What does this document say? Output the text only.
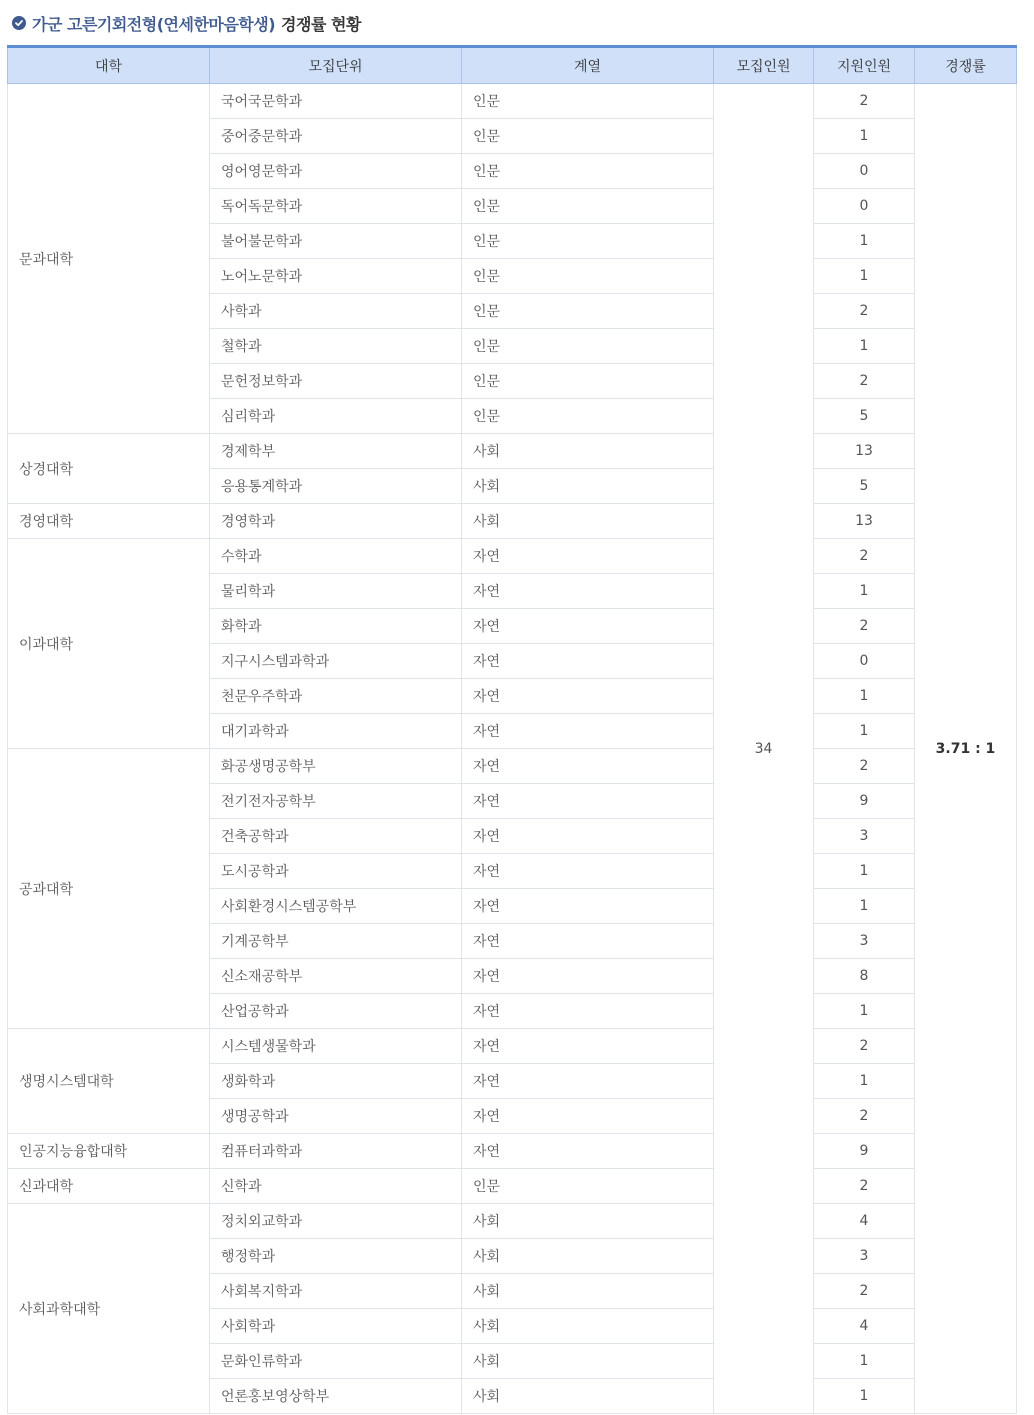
가군 고른기회전형(연세한마음학생) 경쟁률 현황
대학	모집단위	계열	모집인원	지원인원	경쟁률
문과대학	국어국문학과	인문	34	2	3.71 : 1
	중어중문학과	인문		1	
	영어영문학과	인문		0	
	독어독문학과	인문		0	
	불어불문학과	인문		1	
	노어노문학과	인문		1	
	사학과	인문		2	
	철학과	인문		1	
	문헌정보학과	인문		2	
	심리학과	인문		5	
상경대학	경제학부	사회		13	
	응용통계학과	사회		5	
경영대학	경영학과	사회		13	
이과대학	수학과	자연		2	
	물리학과	자연		1	
	화학과	자연		2	
	지구시스템과학과	자연		0	
	천문우주학과	자연		1	
	대기과학과	자연		1	
공과대학	화공생명공학부	자연		2	
	전기전자공학부	자연		9	
	건축공학과	자연		3	
	도시공학과	자연		1	
	사회환경시스템공학부	자연		1	
	기계공학부	자연		3	
	신소재공학부	자연		8	
	산업공학과	자연		1	
생명시스템대학	시스템생물학과	자연		2	
	생화학과	자연		1	
	생명공학과	자연		2	
인공지능융합대학	컴퓨터과학과	자연		9	
신과대학	신학과	인문		2	
사회과학대학	정치외교학과	사회		4	
	행정학과	사회		3	
	사회복지학과	사회		2	
	사회학과	사회		4	
	문화인류학과	사회		1	
	언론홍보영상학부	사회		1	
